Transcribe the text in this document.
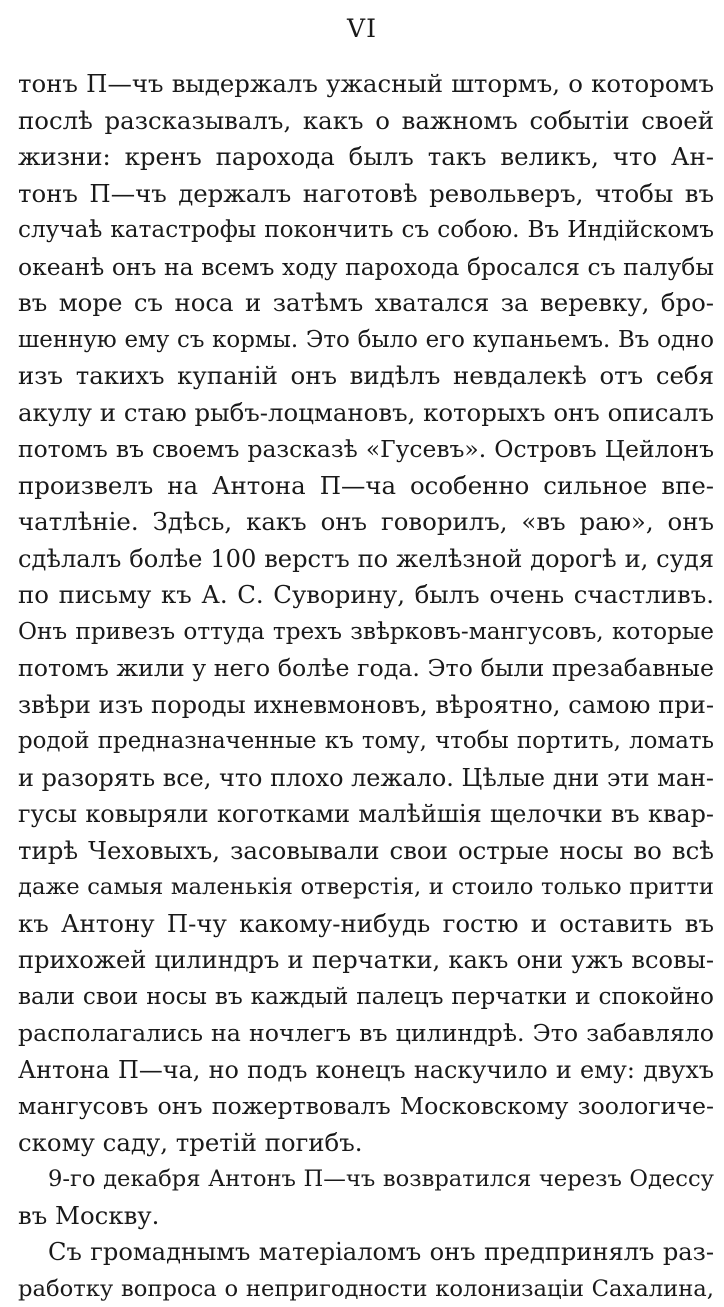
VI
тонъ П—чъ выдержалъ ужасный штормъ, о которомъ
послѣ разсказывалъ, какъ о важномъ событіи своей
жизни: кренъ парохода былъ такъ великъ, что Ан-
тонъ П—чъ держалъ наготовѣ револьверъ, чтобы въ
случаѣ катастрофы покончить съ собою. Въ Индійскомъ
океанѣ онъ на всемъ ходу парохода бросался съ палубы
въ море съ носа и затѣмъ хватался за веревку, бро-
шенную ему съ кормы. Это было его купаньемъ. Въ одно
изъ такихъ купаній онъ видѣлъ невдалекѣ отъ себя
акулу и стаю рыбъ-лоцмановъ, которыхъ онъ описалъ
потомъ въ своемъ разсказѣ «Гусевъ». Островъ Цейлонъ
произвелъ на Антона П—ча особенно сильное впе-
чатлѣніе. Здѣсь, какъ онъ говорилъ, «въ раю», онъ
сдѣлалъ болѣе 100 верстъ по желѣзной дорогѣ и, судя
по письму къ А. С. Суворину, былъ очень счастливъ.
Онъ привезъ оттуда трехъ звѣрковъ-мангусовъ, которые
потомъ жили у него болѣе года. Это были презабавные
звѣри изъ породы ихневмоновъ, вѣроятно, самою при-
родой предназначенные къ тому, чтобы портить, ломать
и разорять все, что плохо лежало. Цѣлые дни эти ман-
гусы ковыряли коготками малѣйшія щелочки въ квар-
тирѣ Чеховыхъ, засовывали свои острые носы во всѣ
даже самыя маленькія отверстія, и стоило только притти
къ Антону П-чу какому-нибудь гостю и оставить въ
прихожей цилиндръ и перчатки, какъ они ужъ всовы-
вали свои носы въ каждый палецъ перчатки и спокойно
располагались на ночлегъ въ цилиндрѣ. Это забавляло
Антона П—ча, но подъ конецъ наскучило и ему: двухъ
мангусовъ онъ пожертвовалъ Московскому зоологиче-
скому саду, третій погибъ.
9-го декабря Антонъ П—чъ возвратился черезъ Одессу
въ Москву.
Съ громаднымъ матеріаломъ онъ предпринялъ раз-
работку вопроса о непригодности колонизаціи Сахалина,
